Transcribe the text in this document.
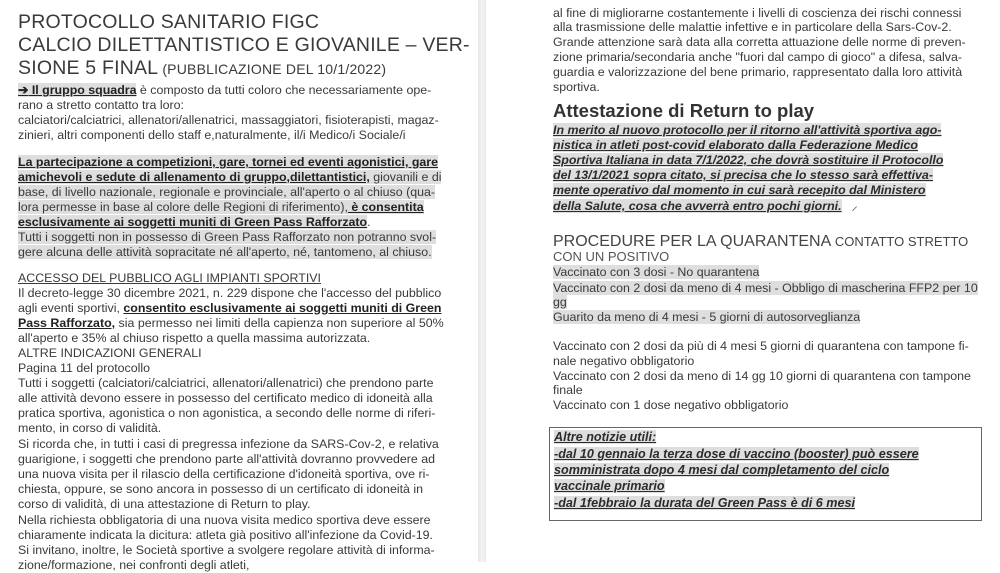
PROTOCOLLO SANITARIO FIGC
CALCIO DILETTANTISTICO E GIOVANILE – VER-
SIONE 5 FINAL (PUBBLICAZIONE DEL 10/1/2022)
➔ Il gruppo squadra è composto da tutti coloro che necessariamente ope-
rano a stretto contatto tra loro:
calciatori/calciatrici, allenatori/allenatrici, massaggiatori, fisioterapisti, magaz-
zinieri, altri componenti dello staff e,naturalmente, il/i Medico/i Sociale/i
La partecipazione a competizioni, gare, tornei ed eventi agonistici, gare
amichevoli e sedute di allenamento di gruppo,dilettantistici, giovanili e di
base, di livello nazionale, regionale e provinciale, all'aperto o al chiuso (qua-
lora permesse in base al colore delle Regioni di riferimento), è consentita
esclusivamente ai soggetti muniti di Green Pass Rafforzato.
Tutti i soggetti non in possesso di Green Pass Rafforzato non potranno svol-
gere alcuna delle attività sopracitate né all'aperto, né, tantomeno, al chiuso.
ACCESSO DEL PUBBLICO AGLI IMPIANTI SPORTIVI
Il decreto-legge 30 dicembre 2021, n. 229 dispone che l'accesso del pubblico
agli eventi sportivi, consentito esclusivamente ai soggetti muniti di Green
Pass Rafforzato, sia permesso nei limiti della capienza non superiore al 50%
all'aperto e 35% al chiuso rispetto a quella massima autorizzata.
ALTRE INDICAZIONI GENERALI
Pagina 11 del protocollo
Tutti i soggetti (calciatori/calciatrici, allenatori/allenatrici) che prendono parte
alle attività devono essere in possesso del certificato medico di idoneità alla
pratica sportiva, agonistica o non agonistica, a secondo delle norme di riferi-
mento, in corso di validità.
Si ricorda che, in tutti i casi di pregressa infezione da SARS-Cov-2, e relativa
guarigione, i soggetti che prendono parte all'attività dovranno provvedere ad
una nuova visita per il rilascio della certificazione d'idoneità sportiva, ove ri-
chiesta, oppure, se sono ancora in possesso di un certificato di idoneità in
corso di validità, di una attestazione di Return to play.
Nella richiesta obbligatoria di una nuova visita medico sportiva deve essere
chiaramente indicata la dicitura: atleta già positivo all'infezione da Covid-19.
Si invitano, inoltre, le Società sportive a svolgere regolare attività di informa-
zione/formazione, nei confronti degli atleti,
al fine di migliorarne costantemente i livelli di coscienza dei rischi connessi
alla trasmissione delle malattie infettive e in particolare della Sars-Cov-2.
Grande attenzione sarà data alla corretta attuazione delle norme di preven-
zione primaria/secondaria anche "fuori dal campo di gioco" a difesa, salva-
guardia e valorizzazione del bene primario, rappresentato dalla loro attività
sportiva.
Attestazione di Return to play
In merito al nuovo protocollo per il ritorno all'attività sportiva ago-
nistica in atleti post-covid elaborato dalla Federazione Medico
Sportiva Italiana in data 7/1/2022, che dovrà sostituire il Protocollo
del 13/1/2021 sopra citato, si precisa che lo stesso sarà effettiva-
mente operativo dal momento in cui sarà recepito dal Ministero
della Salute, cosa che avverrà entro pochi giorni. ⸝
PROCEDURE PER LA QUARANTENA CONTATTO STRETTO
CON UN POSITIVO
Vaccinato con 3 dosi - No quarantena
Vaccinato con 2 dosi da meno di 4 mesi - Obbligo di mascherina FFP2 per 10
gg
Guarito da meno di 4 mesi - 5 giorni di autosorveglianza
Vaccinato con 2 dosi da più di 4 mesi 5 giorni di quarantena con tampone fi-
nale negativo obbligatorio
Vaccinato con 2 dosi da meno di 14 gg 10 giorni di quarantena con tampone
finale
Vaccinato con 1 dose negativo obbligatorio
Altre notizie utili:
-dal 10 gennaio la terza dose di vaccino (booster) può essere
somministrata dopo 4 mesi dal completamento del ciclo
vaccinale primario
-dal 1febbraio la durata del Green Pass è di 6 mesi
